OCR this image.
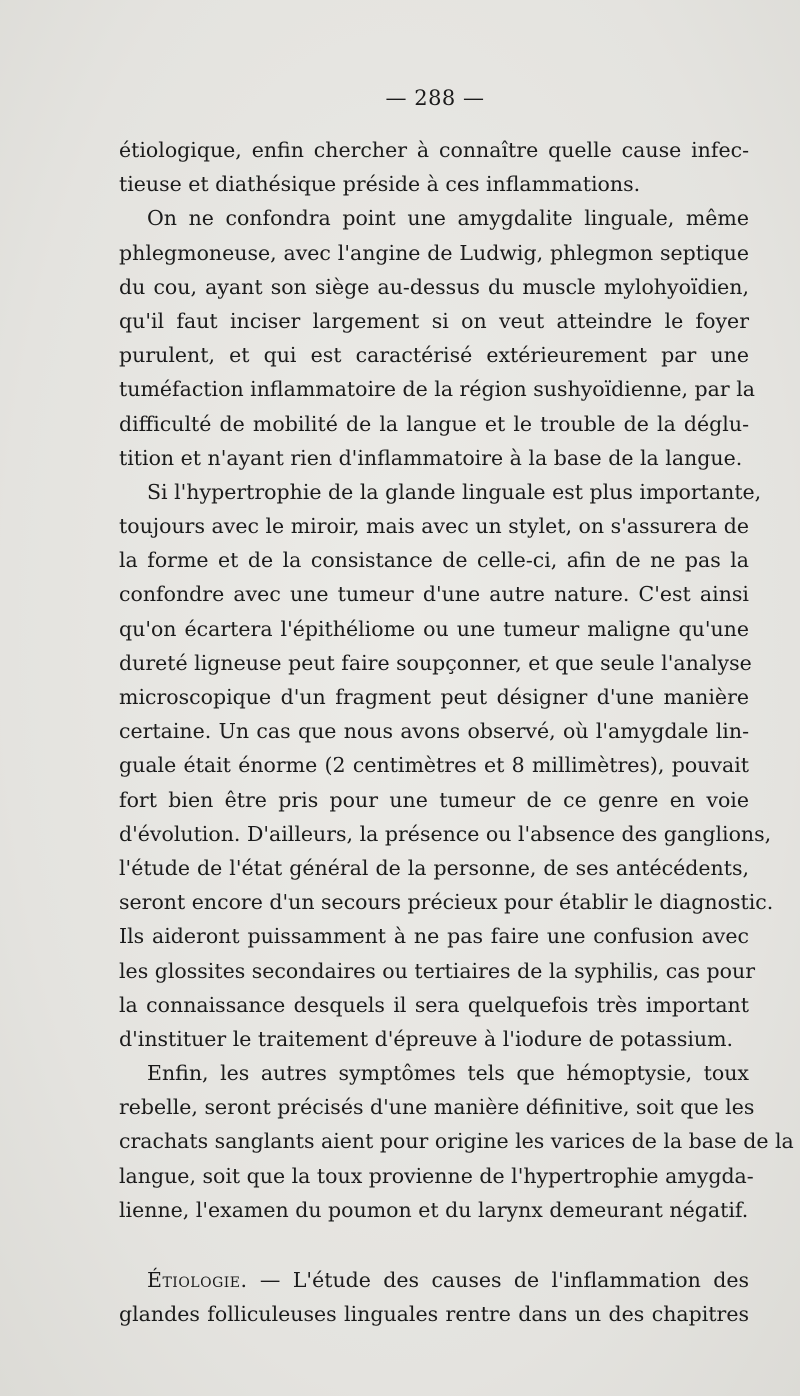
— 288 —
étiologique, enfin chercher à connaître quelle cause infec-
tieuse et diathésique préside à ces inflammations.
On ne confondra point une amygdalite linguale, même
phlegmoneuse, avec l'angine de Ludwig, phlegmon septique
du cou, ayant son siège au-dessus du muscle mylohyoïdien,
qu'il faut inciser largement si on veut atteindre le foyer
purulent, et qui est caractérisé extérieurement par une
tuméfaction inflammatoire de la région sushyoïdienne, par la
difficulté de mobilité de la langue et le trouble de la déglu-
tition et n'ayant rien d'inflammatoire à la base de la langue.
Si l'hypertrophie de la glande linguale est plus importante,
toujours avec le miroir, mais avec un stylet, on s'assurera de
la forme et de la consistance de celle-ci, afin de ne pas la
confondre avec une tumeur d'une autre nature. C'est ainsi
qu'on écartera l'épithéliome ou une tumeur maligne qu'une
dureté ligneuse peut faire soupçonner, et que seule l'analyse
microscopique d'un fragment peut désigner d'une manière
certaine. Un cas que nous avons observé, où l'amygdale lin-
guale était énorme (2 centimètres et 8 millimètres), pouvait
fort bien être pris pour une tumeur de ce genre en voie
d'évolution. D'ailleurs, la présence ou l'absence des ganglions,
l'étude de l'état général de la personne, de ses antécédents,
seront encore d'un secours précieux pour établir le diagnostic.
Ils aideront puissamment à ne pas faire une confusion avec
les glossites secondaires ou tertiaires de la syphilis, cas pour
la connaissance desquels il sera quelquefois très important
d'instituer le traitement d'épreuve à l'iodure de potassium.
Enfin, les autres symptômes tels que hémoptysie, toux
rebelle, seront précisés d'une manière définitive, soit que les
crachats sanglants aient pour origine les varices de la base de la
langue, soit que la toux provienne de l'hypertrophie amygda-
lienne, l'examen du poumon et du larynx demeurant négatif.
Étiologie. — L'étude des causes de l'inflammation des
glandes folliculeuses linguales rentre dans un des chapitres
